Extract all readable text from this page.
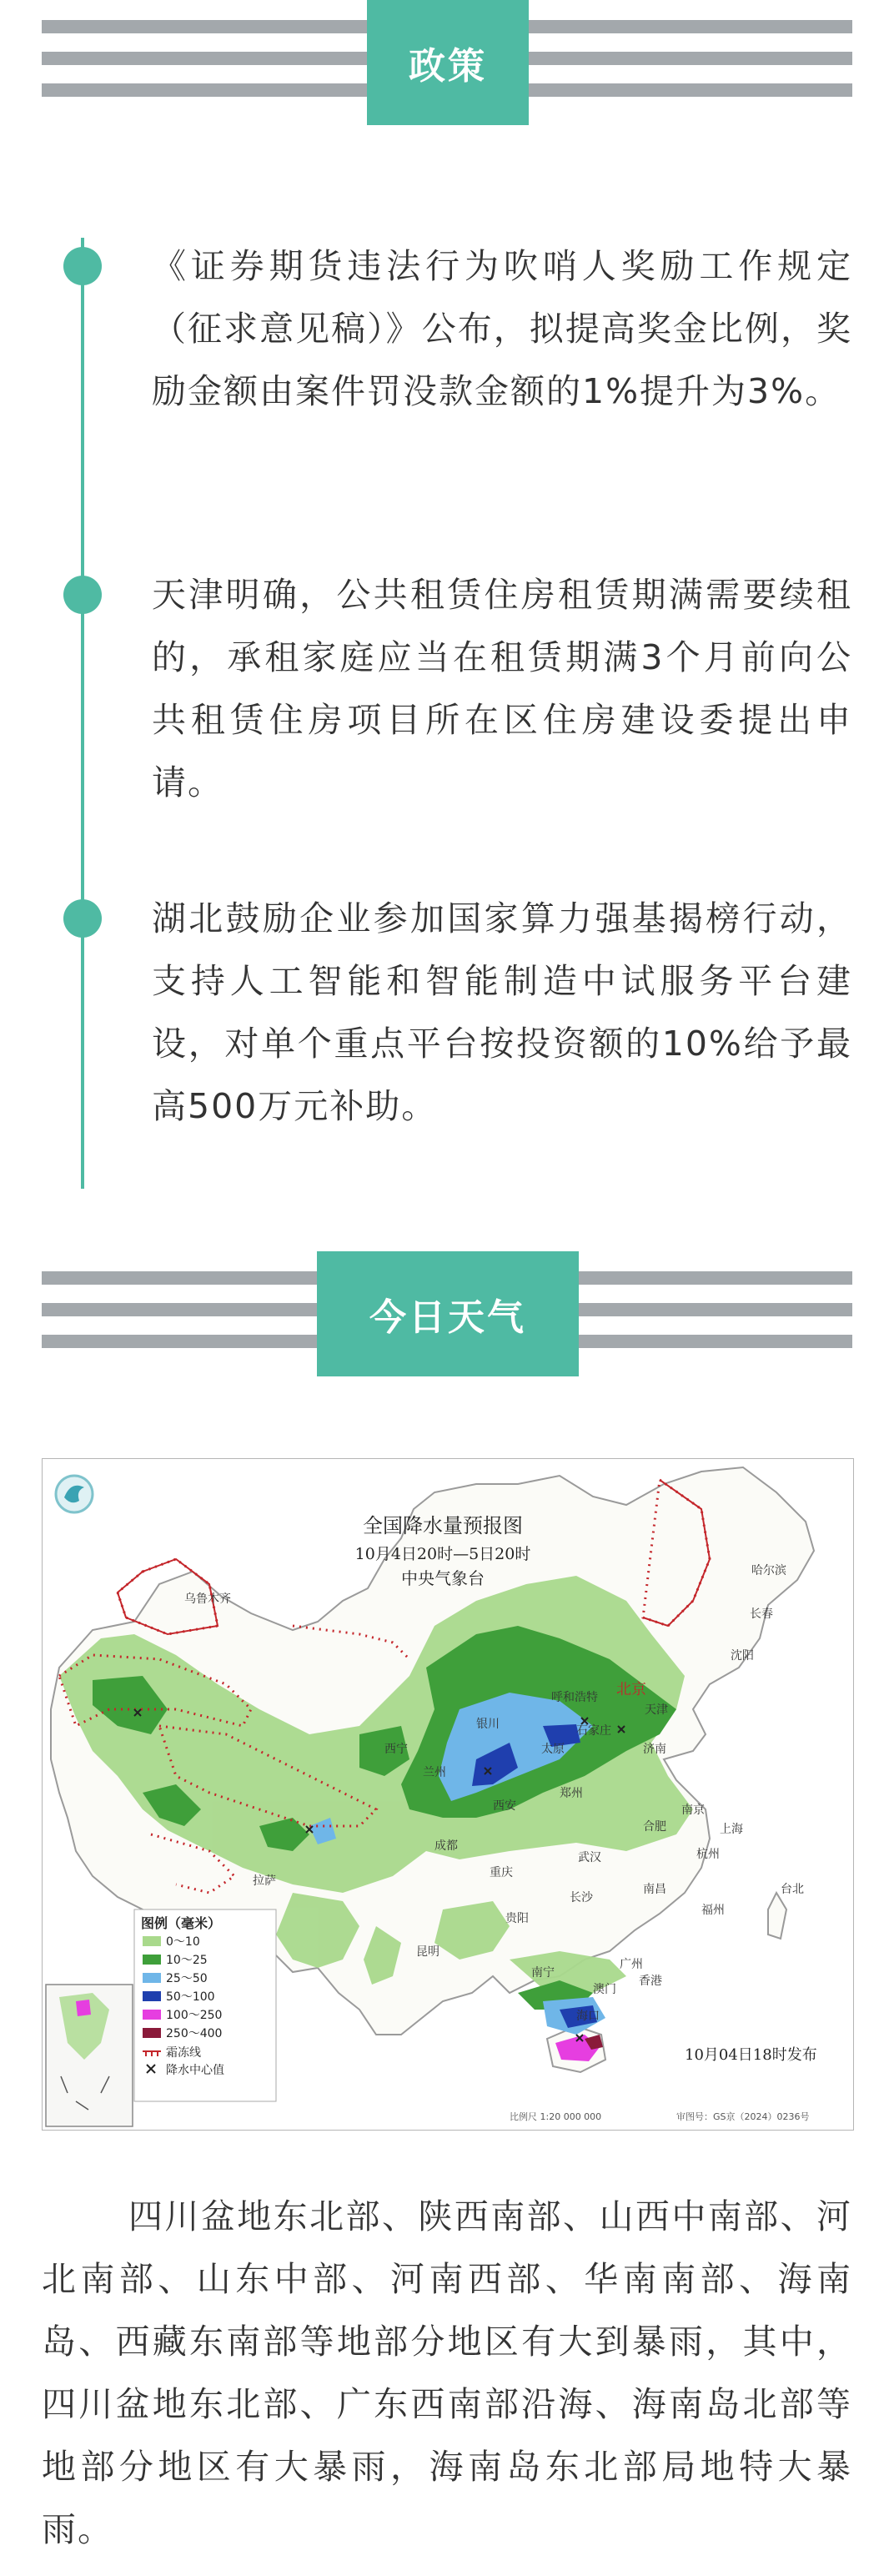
政策
《证券期货违法行为吹哨人奖励工作规定（征求意见稿）》公布，拟提高奖金比例，奖励金额由案件罚没款金额的1%提升为3%。
天津明确，公共租赁住房租赁期满需要续租的，承租家庭应当在租赁期满3个月前向公共租赁住房项目所在区住房建设委提出申请。
湖北鼓励企业参加国家算力强基揭榜行动，支持人工智能和智能制造中试服务平台建设，对单个重点平台按投资额的10%给予最高500万元补助。
今日天气
全国降水量预报图
10月4日20时—5日20时
中央气象台
乌鲁木齐
呼和浩特 北京
石家庄
太原	济南
郑州
西安
兰州
西宁
银川
成都
重庆
拉萨
武汉
合肥
南京
上海
杭州
长沙
南昌
福州
贵阳
昆明
南宁
广州
香港
海口
台北
沈阳
长春
哈尔滨
天津
澳门
图例（毫米）
0～10
10～25
25～50
50～100
100～250
250～400
霜冻线
降水中心值
10月04日18时发布
比例尺 1:20 000 000	审图号：GS京（2024）0236号
四川盆地东北部、陕西南部、山西中南部、河北南部、山东中部、河南西部、华南南部、海南岛、西藏东南部等地部分地区有大到暴雨，其中，四川盆地东北部、广东西南部沿海、海南岛北部等地部分地区有大暴雨，海南岛东北部局地特大暴雨。
